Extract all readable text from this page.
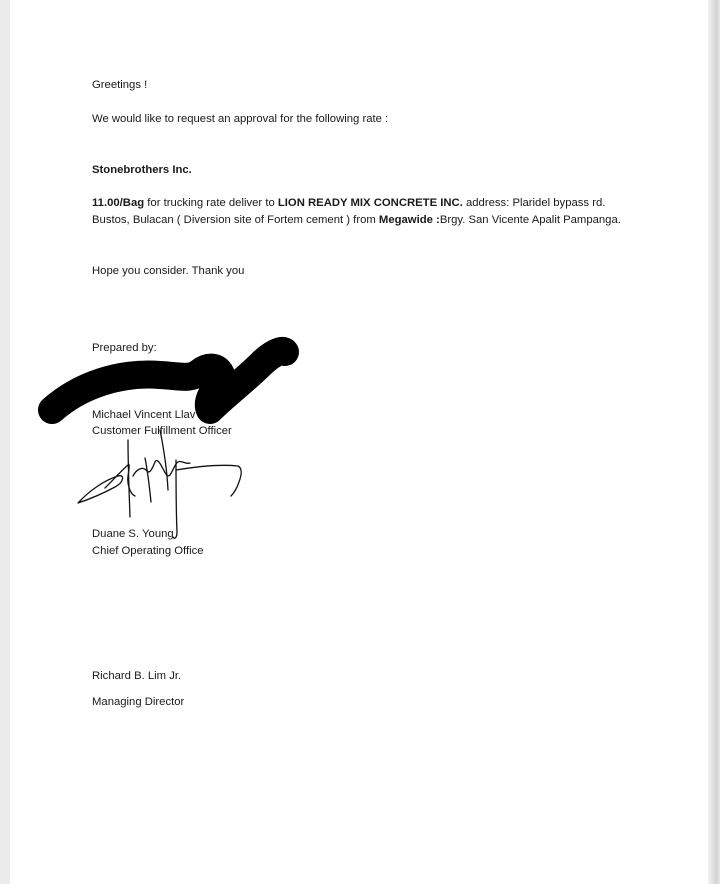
Greetings !
We would like to request an approval for the following rate :
Stonebrothers Inc.
11.00/Bag for trucking rate deliver to LION READY MIX CONCRETE INC. address: Plaridel bypass rd.
Bustos, Bulacan ( Diversion site of Fortem cement ) from Megawide :Brgy. San Vicente Apalit Pampanga.
Hope you consider. Thank you
Prepared by:
Michael Vincent Llav
Customer Fulfillment Officer
Duane S. Young
Chief Operating Office
Richard B. Lim Jr.
Managing Director
